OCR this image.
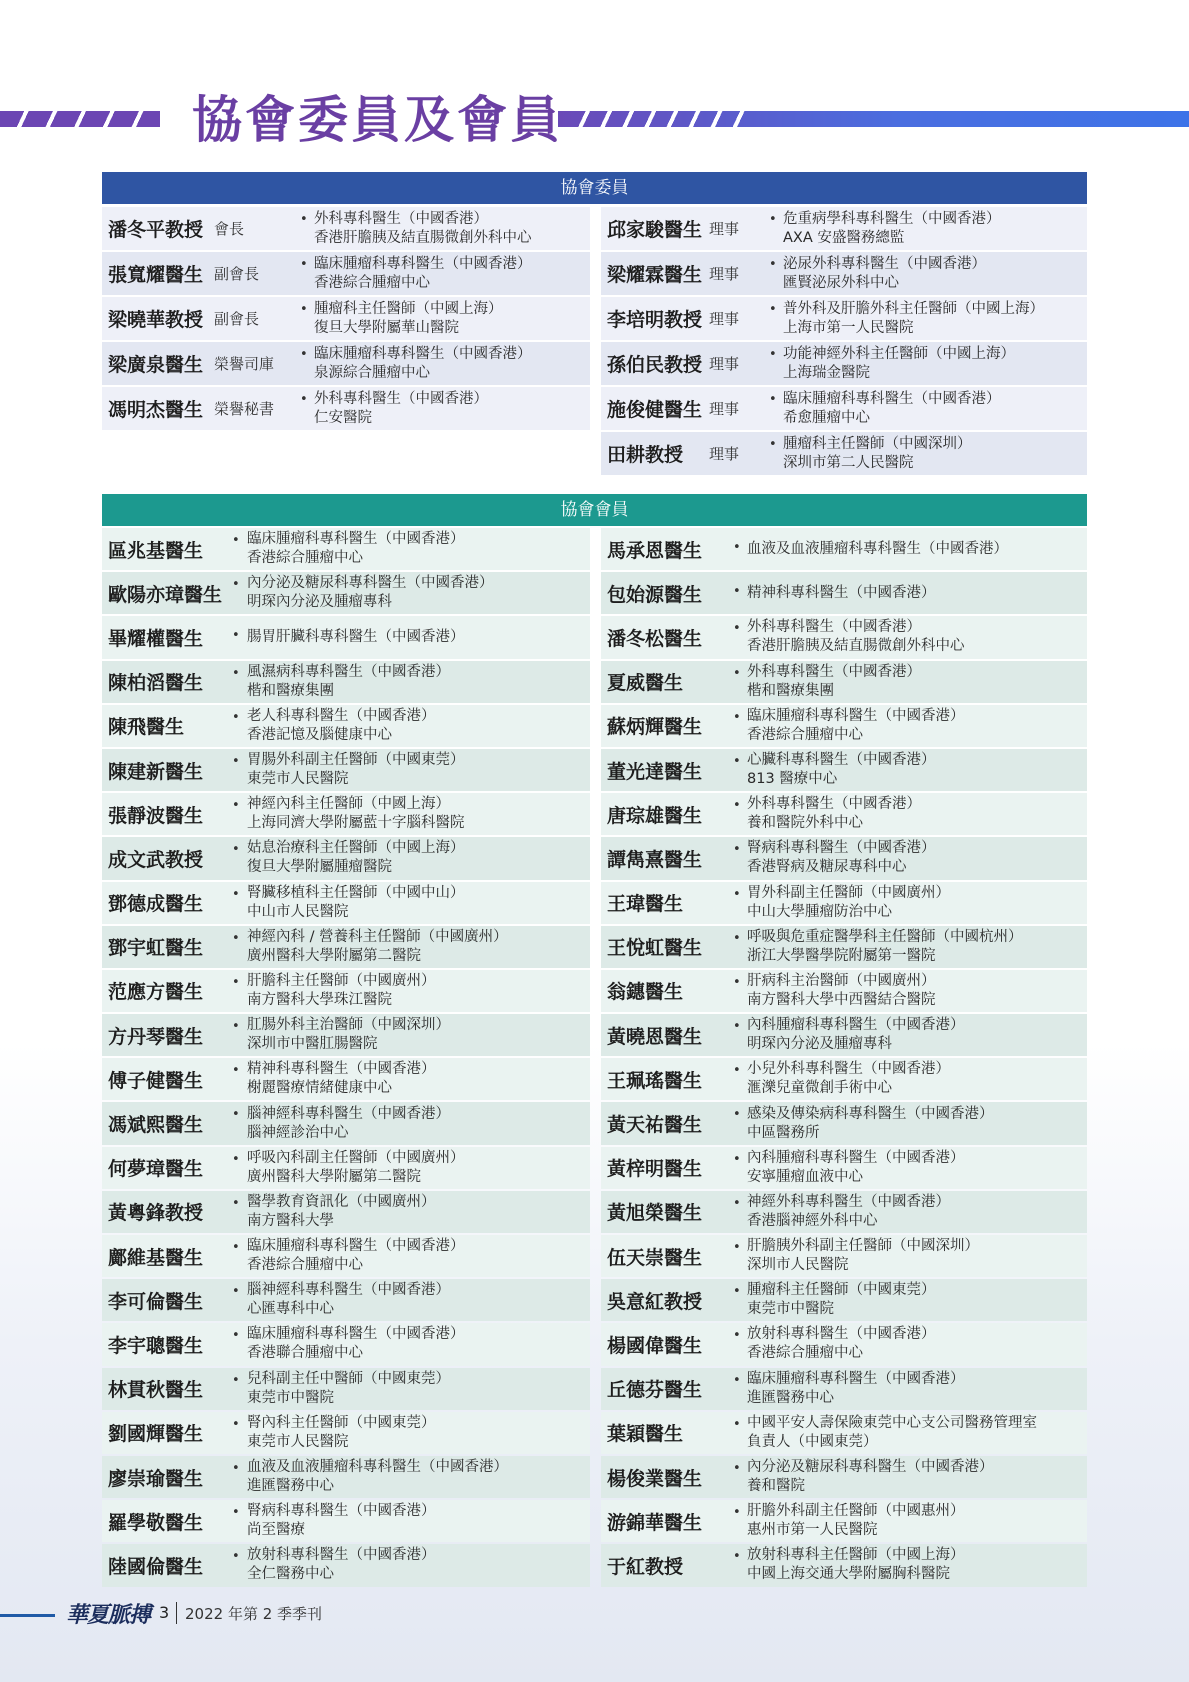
協會委員及會員
協會委員
潘冬平教授 會長
• 外科專科醫生（中國香港）
香港肝膽胰及結直腸微創外科中心
張寬耀醫生 副會長
• 臨床腫瘤科專科醫生（中國香港）
香港綜合腫瘤中心
梁曉華教授 副會長
• 腫瘤科主任醫師（中國上海）
復旦大學附屬華山醫院
梁廣泉醫生 榮譽司庫
• 臨床腫瘤科專科醫生（中國香港）
泉源綜合腫瘤中心
馮明杰醫生 榮譽秘書
• 外科專科醫生（中國香港）
仁安醫院
邱家駿醫生 理事
• 危重病學科專科醫生（中國香港）
AXA 安盛醫務總監
梁耀霖醫生 理事
• 泌尿外科專科醫生（中國香港）
匯賢泌尿外科中心
李培明教授 理事
• 普外科及肝膽外科主任醫師（中國上海）
上海市第一人民醫院
孫伯民教授 理事
• 功能神經外科主任醫師（中國上海）
上海瑞金醫院
施俊健醫生 理事
• 臨床腫瘤科專科醫生（中國香港）
希愈腫瘤中心
田耕教授 理事
• 腫瘤科主任醫師（中國深圳）
深圳市第二人民醫院
協會會員
區兆基醫生 • 臨床腫瘤科專科醫生（中國香港）
香港綜合腫瘤中心
歐陽亦璋醫生 • 內分泌及糖尿科專科醫生（中國香港）
明琛內分泌及腫瘤專科
畢耀權醫生 • 腸胃肝臟科專科醫生（中國香港）
陳柏滔醫生 • 風濕病科專科醫生（中國香港）
楷和醫療集團
陳飛醫生	• 老人科專科醫生（中國香港）
香港記憶及腦健康中心
陳建新醫生 • 胃腸外科副主任醫師（中國東莞）
東莞市人民醫院
張靜波醫生 • 神經內科主任醫師（中國上海）
上海同濟大學附屬藍十字腦科醫院
成文武教授 • 姑息治療科主任醫師（中國上海）
復旦大學附屬腫瘤醫院
鄧德成醫生 • 腎臟移植科主任醫師（中國中山）
中山市人民醫院
鄧宇虹醫生 • 神經內科 / 營養科主任醫師（中國廣州）
廣州醫科大學附屬第二醫院
范應方醫生 • 肝膽科主任醫師（中國廣州）
南方醫科大學珠江醫院
方丹琴醫生 • 肛腸外科主治醫師（中國深圳）
深圳市中醫肛腸醫院
傅子健醫生 • 精神科專科醫生（中國香港）
榭麗醫療情緒健康中心
馮斌熙醫生 • 腦神經科專科醫生（中國香港）
腦神經診治中心
何夢璋醫生 • 呼吸內科副主任醫師（中國廣州）
廣州醫科大學附屬第二醫院
黃粵鋒教授 • 醫學教育資訊化（中國廣州）
南方醫科大學
鄺維基醫生 • 臨床腫瘤科專科醫生（中國香港）
香港綜合腫瘤中心
李可倫醫生 • 腦神經科專科醫生（中國香港）
心匯專科中心
李宇聰醫生 • 臨床腫瘤科專科醫生（中國香港）
香港聯合腫瘤中心
林貫秋醫生 • 兒科副主任中醫師（中國東莞）
東莞市中醫院
劉國輝醫生 • 腎內科主任醫師（中國東莞）
東莞市人民醫院
廖崇瑜醫生 • 血液及血液腫瘤科專科醫生（中國香港）
進匯醫務中心
羅學敬醫生 • 腎病科專科醫生（中國香港）
尚至醫療
陸國倫醫生 • 放射科專科醫生（中國香港）
全仁醫務中心
馬承恩醫生 • 血液及血液腫瘤科專科醫生（中國香港）
包始源醫生 • 精神科專科醫生（中國香港）
潘冬松醫生 • 外科專科醫生（中國香港）
香港肝膽胰及結直腸微創外科中心
夏威醫生	• 外科專科醫生（中國香港）
楷和醫療集團
蘇炳輝醫生 • 臨床腫瘤科專科醫生（中國香港）
香港綜合腫瘤中心
董光達醫生 • 心臟科專科醫生（中國香港）
813 醫療中心
唐琮雄醫生 • 外科專科醫生（中國香港）
養和醫院外科中心
譚雋熹醫生 • 腎病科專科醫生（中國香港）
香港腎病及糖尿專科中心
王瑋醫生	• 胃外科副主任醫師（中國廣州）
中山大學腫瘤防治中心
王悅虹醫生 • 呼吸與危重症醫學科主任醫師（中國杭州）
浙江大學醫學院附屬第一醫院
翁鏸醫生	• 肝病科主治醫師（中國廣州）
南方醫科大學中西醫結合醫院
黃曉恩醫生 • 內科腫瘤科專科醫生（中國香港）
明琛內分泌及腫瘤專科
王珮瑤醫生 • 小兒外科專科醫生（中國香港）
滙濼兒童微創手術中心
黃天祐醫生 • 感染及傳染病科專科醫生（中國香港）
中區醫務所
黃梓明醫生 • 內科腫瘤科專科醫生（中國香港）
安寧腫瘤血液中心
黃旭榮醫生 • 神經外科專科醫生（中國香港）
香港腦神經外科中心
伍天崇醫生 • 肝膽胰外科副主任醫師（中國深圳）
深圳市人民醫院
吳意紅教授 • 腫瘤科主任醫師（中國東莞）
東莞市中醫院
楊國偉醫生 • 放射科專科醫生（中國香港）
香港綜合腫瘤中心
丘德芬醫生 • 臨床腫瘤科專科醫生（中國香港）
進匯醫務中心
葉穎醫生	• 中國平安人壽保險東莞中心支公司醫務管理室
負責人（中國東莞）
楊俊業醫生 • 內分泌及糖尿科專科醫生（中國香港）
養和醫院
游錦華醫生 • 肝膽外科副主任醫師（中國惠州）
惠州市第一人民醫院
于紅教授	• 放射科專科主任醫師（中國上海）
中國上海交通大學附屬胸科醫院
華夏脈搏 3 2022 年第 2 季季刊
